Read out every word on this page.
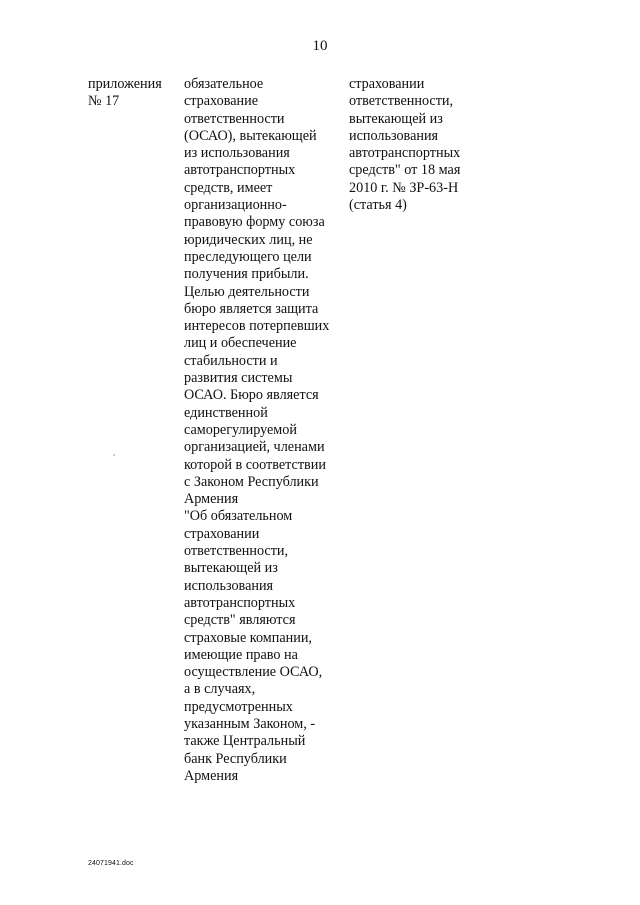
10
приложения
№ 17
обязательное
страхование
ответственности
(ОСАО), вытекающей
из использования
автотранспортных
средств, имеет
организационно-
правовую форму союза
юридических лиц, не
преследующего цели
получения прибыли.
Целью деятельности
бюро является защита
интересов потерпевших
лиц и обеспечение
стабильности и
развития системы
ОСАО. Бюро является
единственной
саморегулируемой
организацией, членами
которой в соответствии
с Законом Республики
Армения
"Об обязательном
страховании
ответственности,
вытекающей из
использования
автотранспортных
средств" являются
страховые компании,
имеющие право на
осуществление ОСАО,
а в случаях,
предусмотренных
указанным Законом, -
также Центральный
банк Республики
Армения
страховании
ответственности,
вытекающей из
использования
автотранспортных
средств" от 18 мая
2010 г. № ЗР-63-Н
(статья 4)
24071941.doc
